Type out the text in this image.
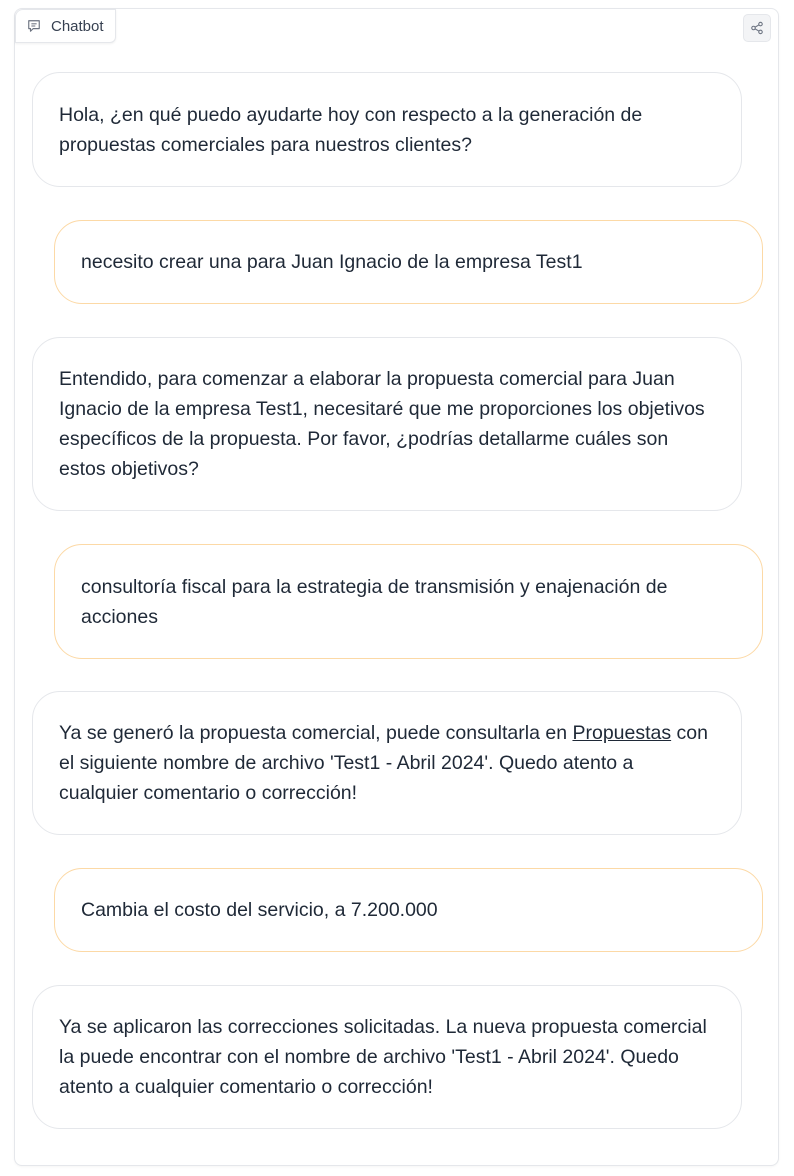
Chatbot
Hola, ¿en qué puedo ayudarte hoy con respecto a la generación de propuestas comerciales para nuestros clientes?
necesito crear una para Juan Ignacio de la empresa Test1
Entendido, para comenzar a elaborar la propuesta comercial para Juan Ignacio de la empresa Test1, necesitaré que me proporciones los objetivos específicos de la propuesta. Por favor, ¿podrías detallarme cuáles son estos objetivos?
consultoría fiscal para la estrategia de transmisión y enajenación de acciones
Ya se generó la propuesta comercial, puede consultarla en Propuestas con el siguiente nombre de archivo 'Test1 - Abril 2024'. Quedo atento a cualquier comentario o corrección!
Cambia el costo del servicio, a 7.200.000
Ya se aplicaron las correcciones solicitadas. La nueva propuesta comercial la puede encontrar con el nombre de archivo 'Test1 - Abril 2024'. Quedo atento a cualquier comentario o corrección!
